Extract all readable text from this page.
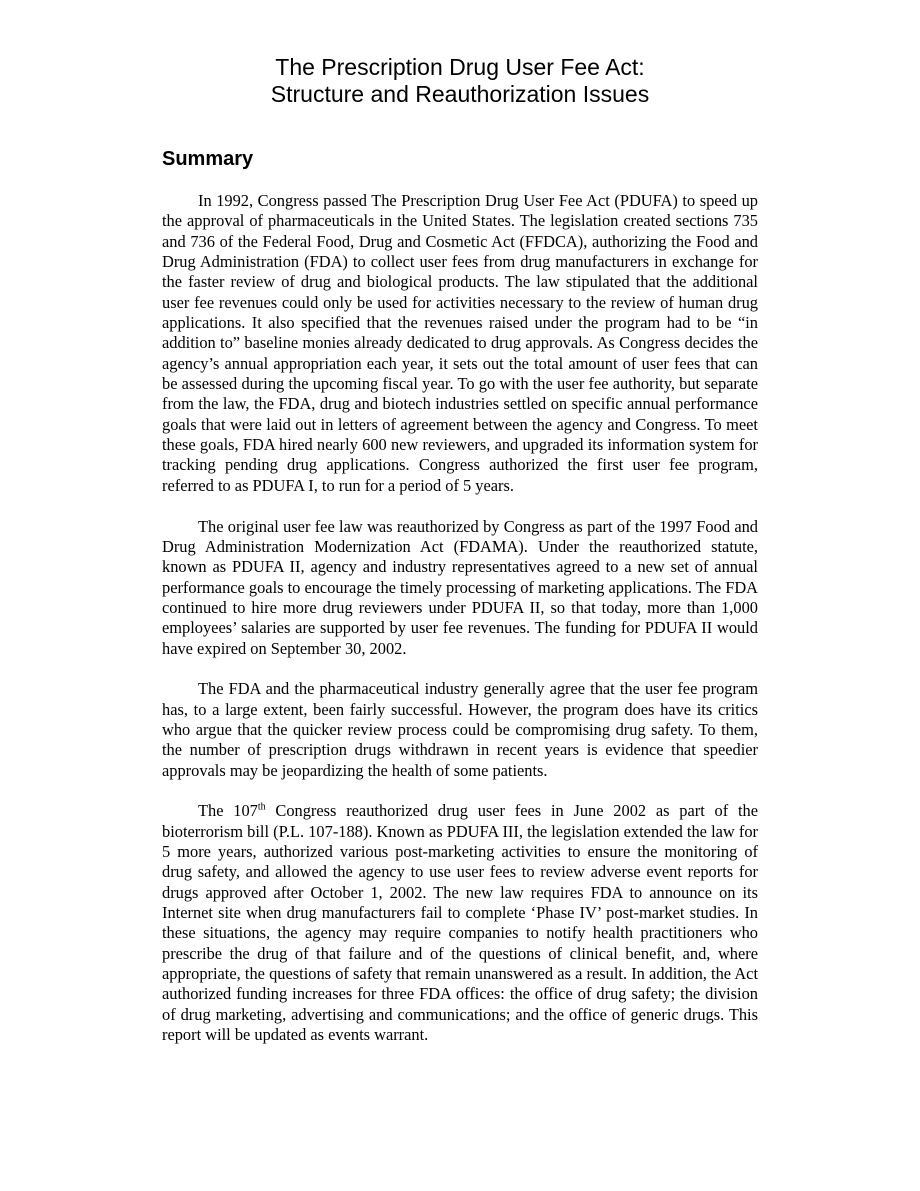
The Prescription Drug User Fee Act:
Structure and Reauthorization Issues
Summary

In 1992, Congress passed The Prescription Drug User Fee Act (PDUFA) to speed up the approval of pharmaceuticals in the United States. The legislation created sections 735 and 736 of the Federal Food, Drug and Cosmetic Act (FFDCA), authorizing the Food and Drug Administration (FDA) to collect user fees from drug manufacturers in exchange for the faster review of drug and biological products. The law stipulated that the additional user fee revenues could only be used for activities necessary to the review of human drug applications. It also specified that the revenues raised under the program had to be “in addition to” baseline monies already dedicated to drug approvals. As Congress decides the agency’s annual appropriation each year, it sets out the total amount of user fees that can be assessed during the upcoming fiscal year. To go with the user fee authority, but separate from the law, the FDA, drug and biotech industries settled on specific annual performance goals that were laid out in letters of agreement between the agency and Congress. To meet these goals, FDA hired nearly 600 new reviewers, and upgraded its information system for tracking pending drug applications. Congress authorized the first user fee program, referred to as PDUFA I, to run for a period of 5 years.

The original user fee law was reauthorized by Congress as part of the 1997 Food and Drug Administration Modernization Act (FDAMA). Under the reauthorized statute, known as PDUFA II, agency and industry representatives agreed to a new set of annual performance goals to encourage the timely processing of marketing applications. The FDA continued to hire more drug reviewers under PDUFA II, so that today, more than 1,000 employees’ salaries are supported by user fee revenues. The funding for PDUFA II would have expired on September 30, 2002.

The FDA and the pharmaceutical industry generally agree that the user fee program has, to a large extent, been fairly successful. However, the program does have its critics who argue that the quicker review process could be compromising drug safety. To them, the number of prescription drugs withdrawn in recent years is evidence that speedier approvals may be jeopardizing the health of some patients.

The 107th Congress reauthorized drug user fees in June 2002 as part of the bioterrorism bill (P.L. 107-188). Known as PDUFA III, the legislation extended the law for 5 more years, authorized various post-marketing activities to ensure the monitoring of drug safety, and allowed the agency to use user fees to review adverse event reports for drugs approved after October 1, 2002. The new law requires FDA to announce on its Internet site when drug manufacturers fail to complete ‘Phase IV’ post-market studies. In these situations, the agency may require companies to notify health practitioners who prescribe the drug of that failure and of the questions of clinical benefit, and, where appropriate, the questions of safety that remain unanswered as a result. In addition, the Act authorized funding increases for three FDA offices: the office of drug safety; the division of drug marketing, advertising and communications; and the office of generic drugs. This report will be updated as events warrant.
